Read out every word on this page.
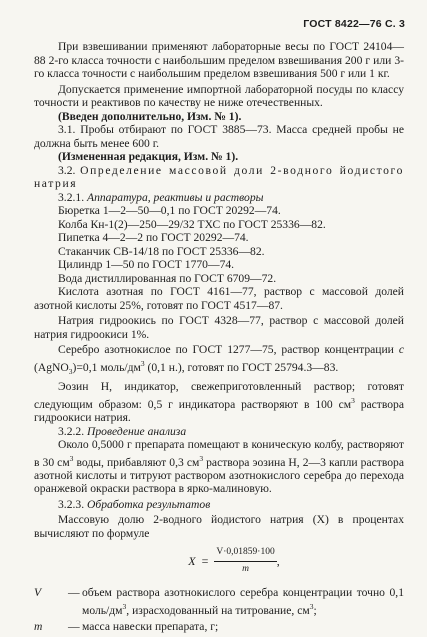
ГОСТ 8422—76 С. 3

При взвешивании применяют лабораторные весы по ГОСТ 24104—88 2-го класса точности с наибольшим пределом взвешивания 200 г или 3-го класса точности с наибольшим пределом взвешивания 500 г или 1 кг.

Допускается применение импортной лабораторной посуды по классу точности и реактивов по качеству не ниже отечественных.

(Введен дополнительно, Изм. № 1).

3.1. Пробы отбирают по ГОСТ 3885—73. Масса средней пробы не должна быть менее 600 г.

(Измененная редакция, Изм. № 1).

3.2. Определение массовой доли 2-водного йодистого натрия

3.2.1. Аппаратура, реактивы и растворы

Бюретка 1—2—50—0,1 по ГОСТ 20292—74.

Колба Кн-1(2)—250—29/32 ТХС по ГОСТ 25336—82.

Пипетка 4—2—2 по ГОСТ 20292—74.

Стаканчик СВ-14/18 по ГОСТ 25336—82.

Цилиндр 1—50 по ГОСТ 1770—74.

Вода дистиллированная по ГОСТ 6709—72.

Кислота азотная по ГОСТ 4161—77, раствор с массовой долей азотной кислоты 25%, готовят по ГОСТ 4517—87.

Натрия гидроокись по ГОСТ 4328—77, раствор с массовой долей натрия гидроокиси 1%.

Серебро азотнокислое по ГОСТ 1277—75, раствор концентрации с (AgNO$_3$)=0,1 моль/$дм^3$ (0,1 н.), готовят по ГОСТ 25794.3—83.

Эозин Н, индикатор, свежеприготовленный раствор; готовят следующим образом: 0,5 г индикатора растворяют в 100 $см^3$ раствора гидроокиси натрия.

3.2.2. Проведение анализа

Около 0,5000 г препарата помещают в коническую колбу, растворяют в 30 $см^3$ воды, прибавляют 0,3 $см^3$ раствора эозина Н, 2—3 капли раствора азотной кислоты и титруют раствором азотнокислого серебра до перехода оранжевой окраски раствора в ярко-малиновую.

3.2.3. Обработка результатов

Массовую долю 2-водного йодистого натрия (X) в процентах вычисляют по формуле

$X = \frac{V\cdot 0,01859\cdot 100}{m}$ ,
V	— объем раствора азотнокислого серебра концентрации точно 0,1 моль/$дм^3$, израсходованный на титрование, $см^3$;
m	— масса навески препарата, г;
